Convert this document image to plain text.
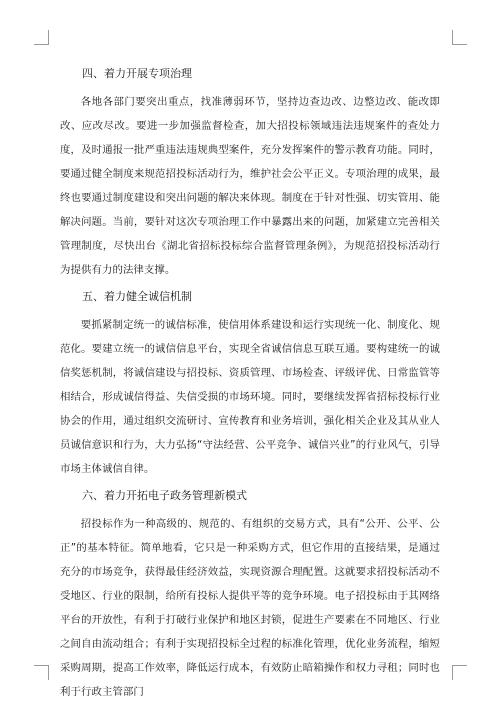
四、着力开展专项治理

各地各部门要突出重点，找准薄弱环节，坚持边查边改、边整边改、能改即改、应改尽改。要进一步加强监督检查，加大招投标领域违法违规案件的查处力度，及时通报一批严重违法违规典型案件，充分发挥案件的警示教育功能。同时，要通过健全制度来规范招投标活动行为，维护社会公平正义。专项治理的成果，最终也要通过制度建设和突出问题的解决来体现。制度在于针对性强、切实管用、能解决问题。当前，要针对这次专项治理工作中暴露出来的问题，加紧建立完善相关管理制度，尽快出台《湖北省招标投标综合监督管理条例》，为规范招投标活动行为提供有力的法律支撑。

五、着力健全诚信机制

要抓紧制定统一的诚信标准，使信用体系建设和运行实现统一化、制度化、规范化。要建立统一的诚信信息平台，实现全省诚信信息互联互通。要构建统一的诚信奖惩机制，将诚信建设与招投标、资质管理、市场检查、评级评优、日常监管等相结合，形成诚信得益、失信受损的市场环境。同时，要继续发挥省招标投标行业协会的作用，通过组织交流研讨、宣传教育和业务培训，强化相关企业及其从业人员诚信意识和行为，大力弘扬“守法经营、公平竞争、诚信兴业”的行业风气，引导市场主体诚信自律。

六、着力开拓电子政务管理新模式

招投标作为一种高级的、规范的、有组织的交易方式，具有“公开、公平、公正”的基本特征。简单地看，它只是一种采购方式，但它作用的直接结果，是通过充分的市场竞争，获得最佳经济效益，实现资源合理配置。这就要求招投标活动不受地区、行业的限制，给所有投标人提供平等的竞争环境。电子招投标由于其网络平台的开放性，有利于打破行业保护和地区封锁，促进生产要素在不同地区、行业之间自由流动组合；有利于实现招投标全过程的标准化管理，优化业务流程，缩短采购周期，提高工作效率，降低运行成本，有效防止暗箱操作和权力寻租；同时也利于行政主管部门
